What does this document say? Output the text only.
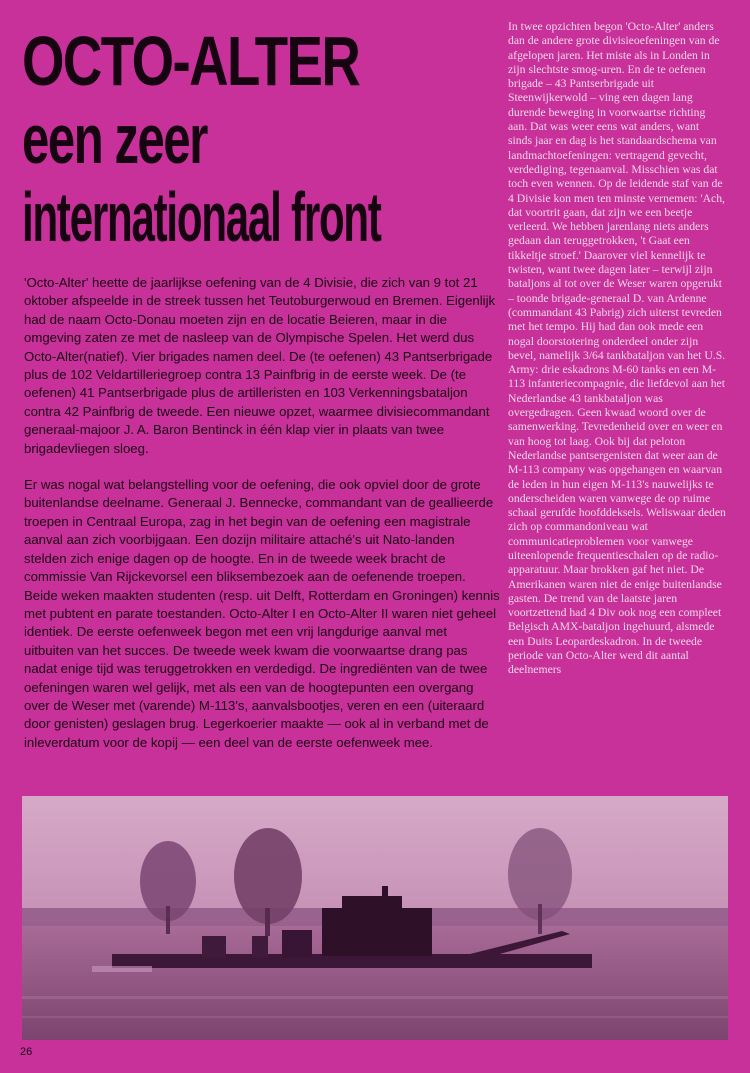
OCTO-ALTER
een zeer
internationaal front

'Octo-Alter' heette de jaarlijkse oefening van de 4 Divisie, die zich van 9 tot 21 oktober afspeelde in de streek tussen het Teutoburgerwoud en Bremen. Eigenlijk had de naam Octo-Donau moeten zijn en de locatie Beieren, maar in die omgeving zaten ze met de nasleep van de Olympische Spelen. Het werd dus Octo-Alter(natief). Vier brigades namen deel. De (te oefenen) 43 Pantserbrigade plus de 102 Veldartilleriegroep contra 13 Painfbrig in de eerste week. De (te oefenen) 41 Pantserbrigade plus de artilleristen en 103 Verkenningsbataljon contra 42 Painfbrig de tweede. Een nieuwe opzet, waarmee divisiecommandant generaal-majoor J. A. Baron Bentinck in één klap vier in plaats van twee brigadevliegen sloeg.

Er was nogal wat belangstelling voor de oefening, die ook opviel door de grote buitenlandse deelname. Generaal J. Bennecke, commandant van de geallieerde troepen in Centraal Europa, zag in het begin van de oefening een magistrale aanval aan zich voorbijgaan. Een dozijn militaire attaché's uit Nato-landen stelden zich enige dagen op de hoogte. En in de tweede week bracht de commissie Van Rijckevorsel een bliksembezoek aan de oefenende troepen. Beide weken maakten studenten (resp. uit Delft, Rotterdam en Groningen) kennis met pubtent en parate toestanden. Octo-Alter I en Octo-Alter II waren niet geheel identiek. De eerste oefenweek begon met een vrij langdurige aanval met uitbuiten van het succes. De tweede week kwam die voorwaartse drang pas nadat enige tijd was teruggetrokken en verdedigd. De ingrediënten van de twee oefeningen waren wel gelijk, met als een van de hoogtepunten een overgang over de Weser met (varende) M-113's, aanvalsbootjes, veren en een (uiteraard door genisten) geslagen brug. Legerkoerier maakte — ook al in verband met de inleverdatum voor de kopij — een deel van de eerste oefenweek mee.

In twee opzichten begon 'Octo-Alter' anders dan de andere grote divisieoefeningen van de afgelopen jaren. Het miste als in Londen in zijn slechtste smog-uren. En de te oefenen brigade – 43 Pantserbrigade uit Steenwijkerwold – ving een dagen lang durende beweging in voorwaartse richting aan. Dat was weer eens wat anders, want sinds jaar en dag is het standaardschema van landmachtoefeningen: vertragend gevecht, verdediging, tegenaanval. Misschien was dat toch even wennen. Op de leidende staf van de 4 Divisie kon men ten minste vernemen: 'Ach, dat voortrit gaan, dat zijn we een beetje verleerd. We hebben jarenlang niets anders gedaan dan teruggetrokken, 't Gaat een tikkeltje stroef.' Daarover viel kennelijk te twisten, want twee dagen later – terwijl zijn bataljons al tot over de Weser waren opgerukt – toonde brigade-generaal D. van Ardenne (commandant 43 Pabrig) zich uiterst tevreden met het tempo. Hij had dan ook mede een nogal doorstotering onderdeel onder zijn bevel, namelijk 3/64 tankbataljon van het U.S. Army: drie eskadrons M-60 tanks en een M-113 infanteriecompagnie, die liefdevol aan het Nederlandse 43 tankbataljon was overgedragen. Geen kwaad woord over de samenwerking. Tevredenheid over en weer en van hoog tot laag. Ook bij dat peloton Nederlandse pantsergenisten dat weer aan de M-113 company was opgehangen en waarvan de leden in hun eigen M-113's nauwelijks te onderscheiden waren vanwege de op ruime schaal gerufde hoofddeksels. Weliswaar deden zich op commandoniveau wat communicatieproblemen voor vanwege uiteenlopende frequentieschalen op de radio-apparatuur. Maar brokken gaf het niet. De Amerikanen waren niet de enige buitenlandse gasten. De trend van de laatste jaren voortzettend had 4 Div ook nog een compleet Belgisch AMX-bataljon ingehuurd, alsmede een Duits Leopardeskadron. In de tweede periode van Octo-Alter werd dit aantal deelnemers

26
